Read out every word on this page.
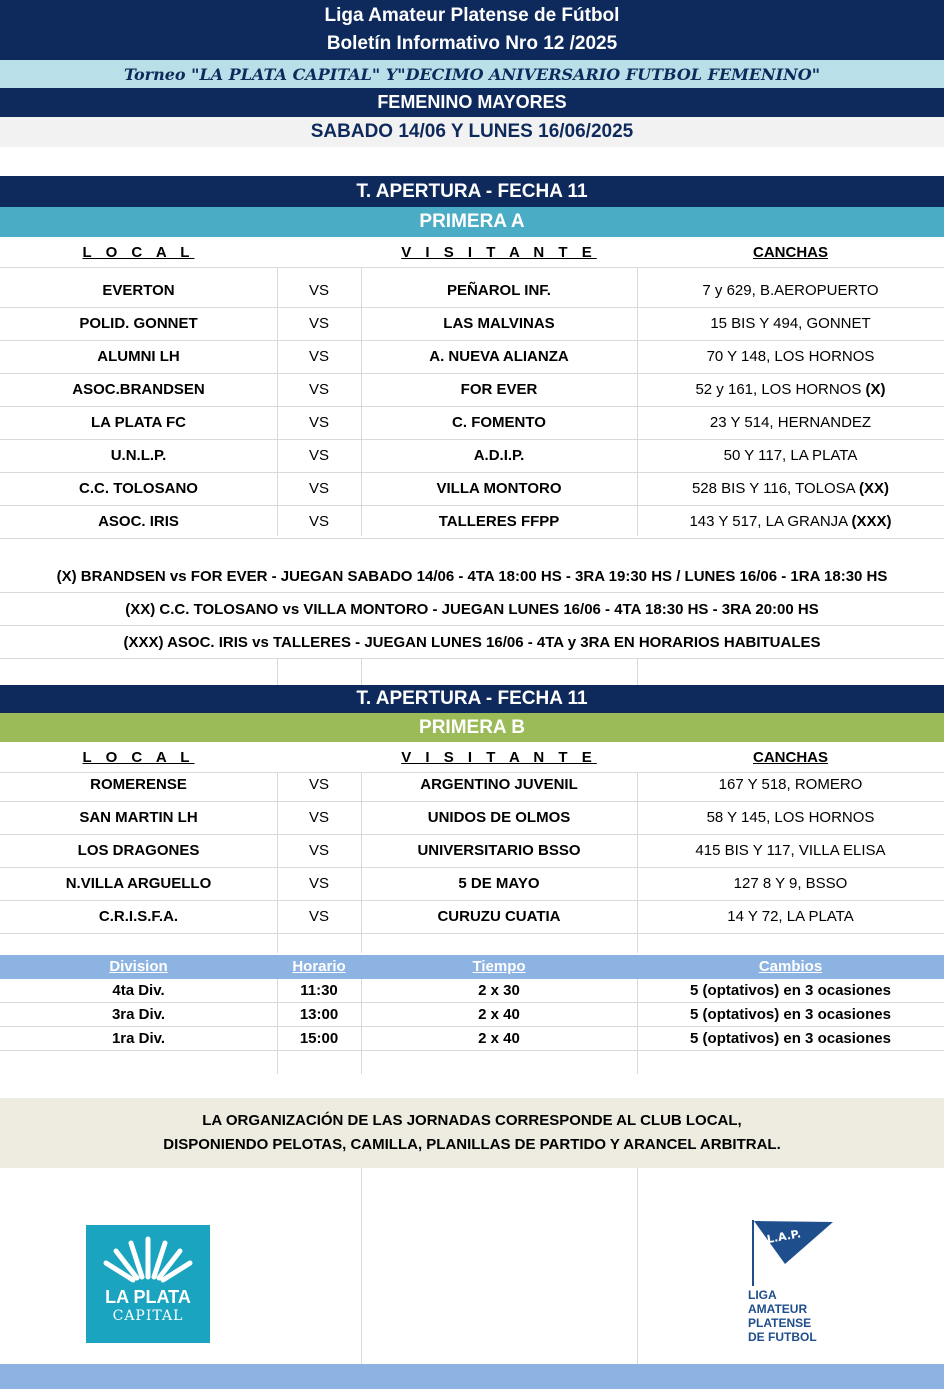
Liga Amateur Platense de Fútbol
Boletín Informativo Nro 12 /2025
Torneo "LA PLATA CAPITAL" Y"DECIMO ANIVERSARIO FUTBOL FEMENINO"
FEMENINO MAYORES
SABADO 14/06 Y LUNES 16/06/2025
T. APERTURA - FECHA 11
PRIMERA A
L O C A L	V I S I T A N T E	CANCHAS
EVERTON	VS	PEÑAROL INF.	7 y 629, B.AEROPUERTO
POLID. GONNET	VS	LAS MALVINAS	15 BIS Y 494, GONNET
ALUMNI LH	VS	A. NUEVA ALIANZA	70 Y 148, LOS HORNOS
ASOC.BRANDSEN	VS	FOR EVER	52 y 161, LOS HORNOS (X)
LA PLATA FC	VS	C. FOMENTO	23 Y 514, HERNANDEZ
U.N.L.P.	VS	A.D.I.P.	50 Y 117, LA PLATA
C.C. TOLOSANO	VS	VILLA MONTORO	528 BIS Y 116, TOLOSA (XX)
ASOC. IRIS	VS	TALLERES FFPP	143 Y 517, LA GRANJA (XXX)
(X) BRANDSEN vs FOR EVER - JUEGAN SABADO 14/06 - 4TA 18:00 HS - 3RA 19:30 HS / LUNES 16/06 - 1RA 18:30 HS
(XX) C.C. TOLOSANO vs VILLA MONTORO - JUEGAN LUNES 16/06 - 4TA 18:30 HS - 3RA 20:00 HS
(XXX) ASOC. IRIS vs TALLERES - JUEGAN LUNES 16/06 - 4TA y 3RA EN HORARIOS HABITUALES
T. APERTURA - FECHA 11
PRIMERA B
L O C A L	V I S I T A N T E	CANCHAS
ROMERENSE	VS	ARGENTINO JUVENIL	167 Y 518, ROMERO
SAN MARTIN LH	VS	UNIDOS DE OLMOS	58 Y 145, LOS HORNOS
LOS DRAGONES	VS	UNIVERSITARIO BSSO	415 BIS Y 117, VILLA ELISA
N.VILLA ARGUELLO	VS	5 DE MAYO	127 8 Y 9, BSSO
C.R.I.S.F.A.	VS	CURUZU CUATIA	14 Y 72, LA PLATA
Division	Horario	Tiempo	Cambios
4ta Div.	11:30	2 x 30	5 (optativos) en 3 ocasiones
3ra Div.	13:00	2 x 40	5 (optativos) en 3 ocasiones
1ra Div.	15:00	2 x 40	5 (optativos) en 3 ocasiones
LA ORGANIZACIÓN DE LAS JORNADAS CORRESPONDE AL CLUB LOCAL,
DISPONIENDO PELOTAS, CAMILLA, PLANILLAS DE PARTIDO Y ARANCEL ARBITRAL.
LA PLATA
CAPITAL
L.A.P.
LIGA
AMATEUR
PLATENSE
DE FUTBOL
